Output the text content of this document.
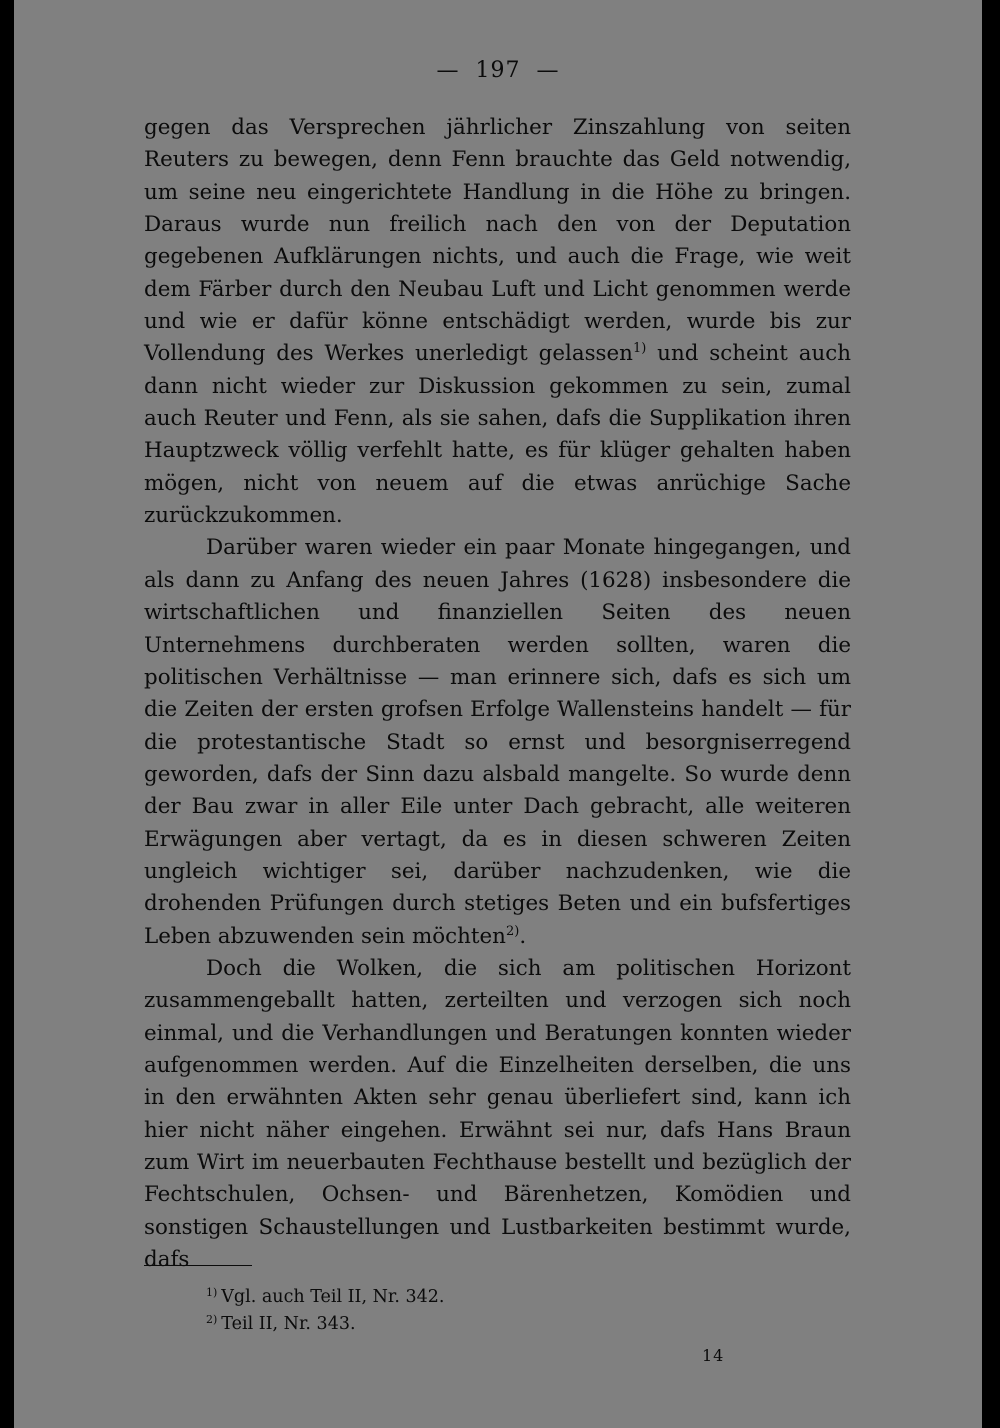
— 197 —

gegen das Versprechen jährlicher Zinszahlung von seiten Reuters zu bewegen, denn Fenn brauchte das Geld notwendig, um seine neu eingerichtete Handlung in die Höhe zu bringen. Daraus wurde nun freilich nach den von der Deputation gegebenen Aufklärungen nichts, und auch die Frage, wie weit dem Färber durch den Neubau Luft und Licht genommen werde und wie er dafür könne entschädigt werden, wurde bis zur Vollendung des Werkes unerledigt gelassen$^{1)}$ und scheint auch dann nicht wieder zur Diskussion gekommen zu sein, zumal auch Reuter und Fenn, als sie sahen, dafs die Supplikation ihren Hauptzweck völlig verfehlt hatte, es für klüger gehalten haben mögen, nicht von neuem auf die etwas anrüchige Sache zurückzukommen.

Darüber waren wieder ein paar Monate hingegangen, und als dann zu Anfang des neuen Jahres (1628) insbesondere die wirtschaftlichen und finanziellen Seiten des neuen Unternehmens durchberaten werden sollten, waren die politischen Verhältnisse — man erinnere sich, dafs es sich um die Zeiten der ersten grofsen Erfolge Wallensteins handelt — für die protestantische Stadt so ernst und besorgniserregend geworden, dafs der Sinn dazu alsbald mangelte. So wurde denn der Bau zwar in aller Eile unter Dach gebracht, alle weiteren Erwägungen aber vertagt, da es in diesen schweren Zeiten ungleich wichtiger sei, darüber nachzudenken, wie die drohenden Prüfungen durch stetiges Beten und ein bufsfertiges Leben abzuwenden sein möchten$^{2)}$.

Doch die Wolken, die sich am politischen Horizont zusammengeballt hatten, zerteilten und verzogen sich noch einmal, und die Verhandlungen und Beratungen konnten wieder aufgenommen werden. Auf die Einzelheiten derselben, die uns in den erwähnten Akten sehr genau überliefert sind, kann ich hier nicht näher eingehen. Erwähnt sei nur, dafs Hans Braun zum Wirt im neuerbauten Fechthause bestellt und bezüglich der Fechtschulen, Ochsen- und Bärenhetzen, Komödien und sonstigen Schaustellungen und Lustbarkeiten bestimmt wurde, dafs

$^{1)}$ Vgl. auch Teil II, Nr. 342.
$^{2)}$ Teil II, Nr. 343.
14
